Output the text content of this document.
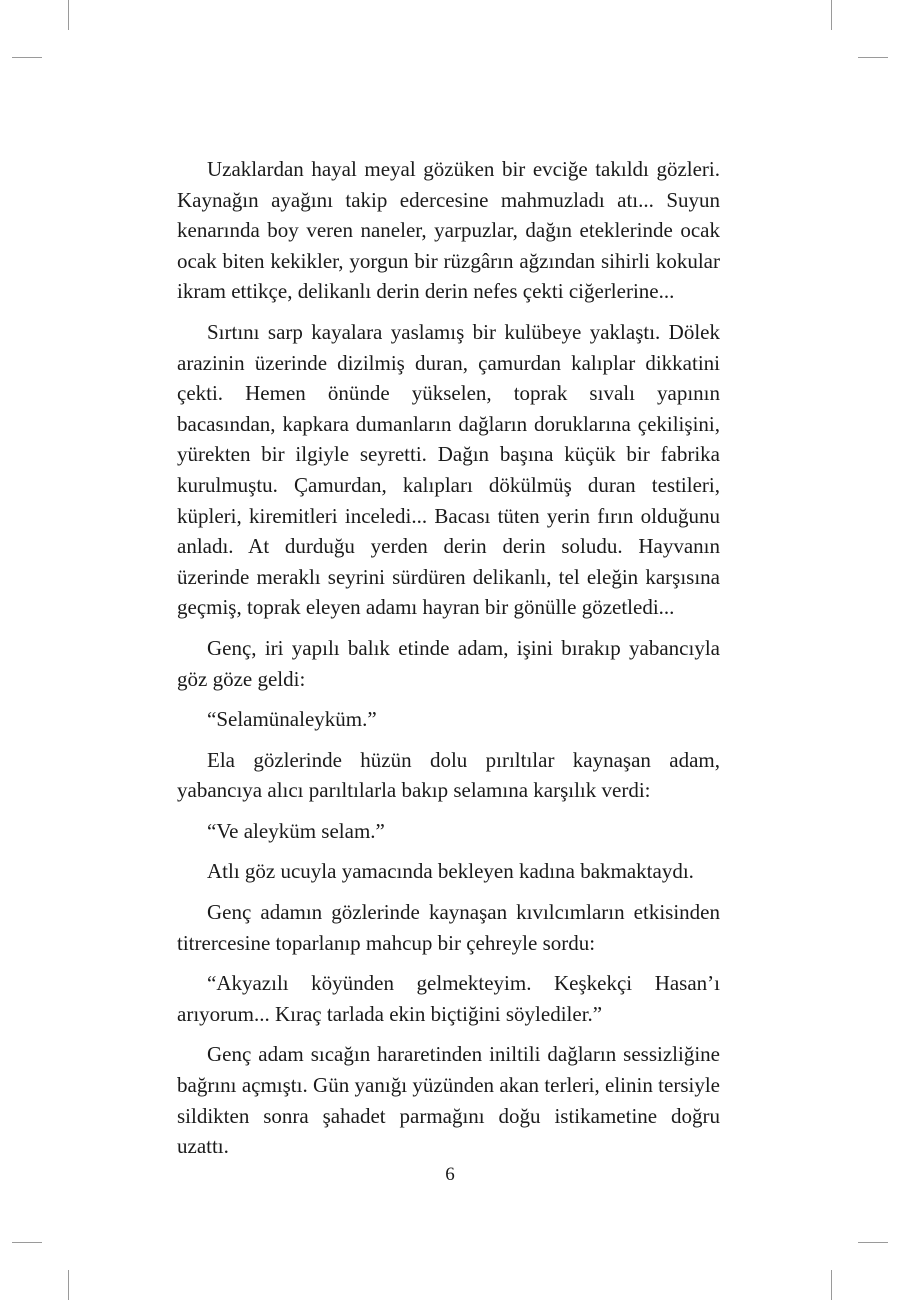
Uzaklardan hayal meyal gözüken bir evciğe takıldı gözleri. Kaynağın ayağını takip edercesine mahmuzladı atı... Suyun kenarında boy veren naneler, yarpuzlar, dağın eteklerinde ocak ocak biten kekikler, yorgun bir rüzgârın ağzından sihirli kokular ikram ettikçe, delikanlı derin derin nefes çekti ciğerlerine...

Sırtını sarp kayalara yaslamış bir kulübeye yaklaştı. Dölek arazinin üzerinde dizilmiş duran, çamurdan kalıplar dikkatini çekti. Hemen önünde yükselen, toprak sıvalı yapının bacasından, kapkara dumanların dağların doruklarına çekilişini, yürekten bir ilgiyle seyretti. Dağın başına küçük bir fabrika kurulmuştu. Çamurdan, kalıpları dökülmüş duran testileri, küpleri, kiremitleri inceledi... Bacası tüten yerin fırın olduğunu anladı. At durduğu yerden derin derin soludu. Hayvanın üzerinde meraklı seyrini sürdüren delikanlı, tel eleğin karşısına geçmiş, toprak eleyen adamı hayran bir gönülle gözetledi...

Genç, iri yapılı balık etinde adam, işini bırakıp yabancıyla göz göze geldi:

“Selamünaleyküm.”

Ela gözlerinde hüzün dolu pırıltılar kaynaşan adam, yabancıya alıcı parıltılarla bakıp selamına karşılık verdi:

“Ve aleyküm selam.”

Atlı göz ucuyla yamacında bekleyen kadına bakmaktaydı.

Genç adamın gözlerinde kaynaşan kıvılcımların etkisinden titrercesine toparlanıp mahcup bir çehreyle sordu:

“Akyazılı köyünden gelmekteyim. Keşkekçi Hasan’ı arıyorum... Kıraç tarlada ekin biçtiğini söylediler.”

Genç adam sıcağın hararetinden iniltili dağların sessizliğine bağrını açmıştı. Gün yanığı yüzünden akan terleri, elinin tersiyle sildikten sonra şahadet parmağını doğu istikametine doğru uzattı.

6
